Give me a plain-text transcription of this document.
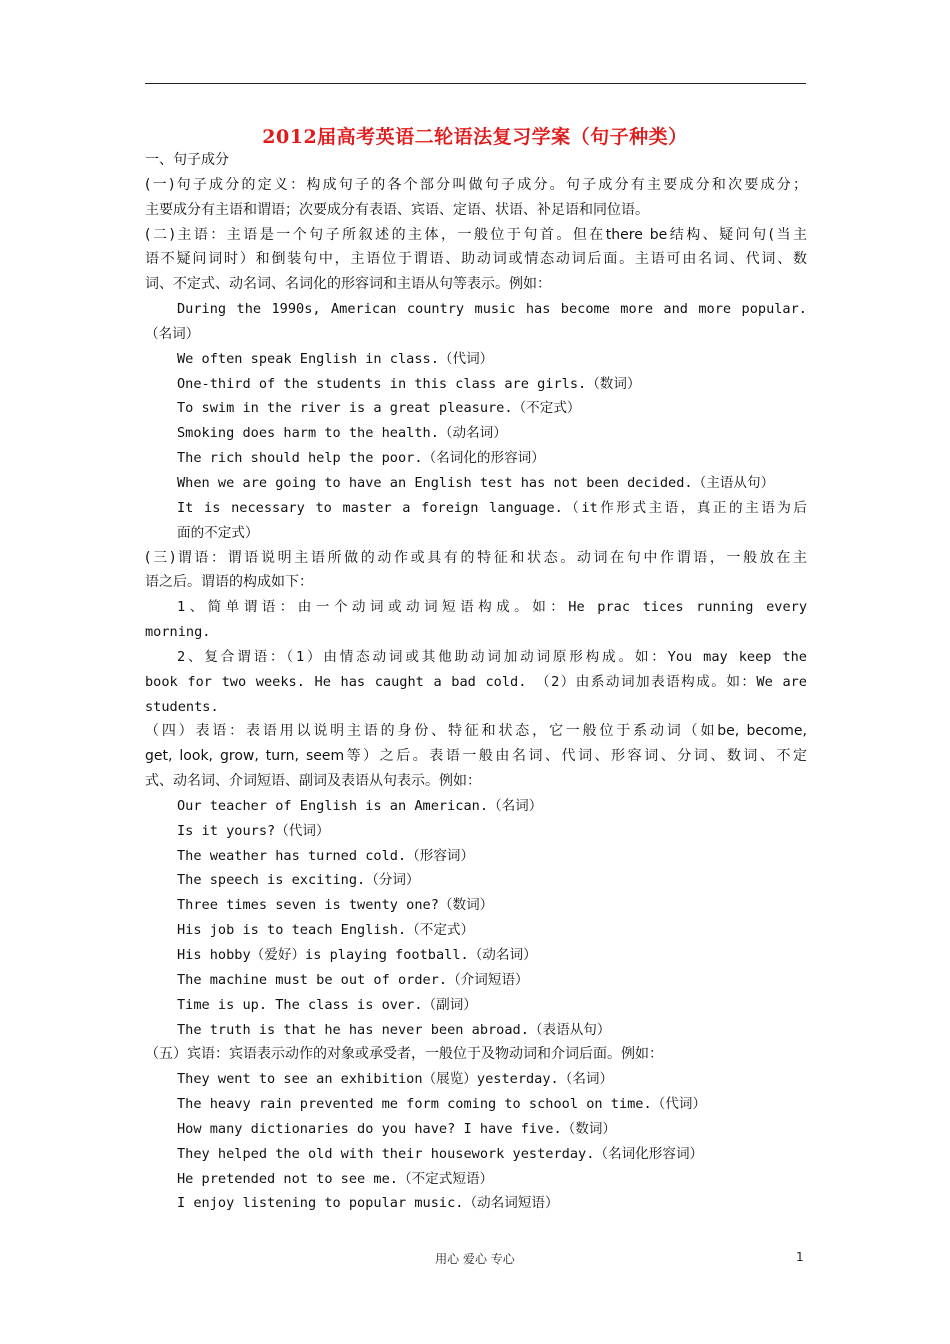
2012届高考英语二轮语法复习学案（句子种类）
一、句子成分
(一)句子成分的定义：构成句子的各个部分叫做句子成分。句子成分有主要成分和次要成分；
主要成分有主语和谓语；次要成分有表语、宾语、定语、状语、补足语和同位语。
(二)主语：主语是一个句子所叙述的主体，一般位于句首。但在there be结构、疑问句(当主
语不疑问词时）和倒装句中，主语位于谓语、助动词或情态动词后面。主语可由名词、代词、数
词、不定式、动名词、名词化的形容词和主语从句等表示。例如：
During the 1990s, American country music has become more and more popular.
（名词）
We often speak English in class.（代词）
One-third of the students in this class are girls.（数词）
To swim in the river is a great pleasure.（不定式）
Smoking does harm to the health.（动名词）
The rich should help the poor.（名词化的形容词）
When we are going to have an English test has not been decided.（主语从句）
It is necessary to master a foreign language.（it作形式主语，真正的主语为后
面的不定式）
(三)谓语：谓语说明主语所做的动作或具有的特征和状态。动词在句中作谓语，一般放在主
语之后。谓语的构成如下：
1、简单谓语：由一个动词或动词短语构成。如：He prac tices running every
morning.
2、复合谓语：（1）由情态动词或其他助动词加动词原形构成。如：You may keep the
book for two weeks. He has caught a bad cold. （2）由系动词加表语构成。如：We are
students.
（四）表语：表语用以说明主语的身份、特征和状态，它一般位于系动词（如be, become,
get, look, grow, turn, seem等）之后。表语一般由名词、代词、形容词、分词、数词、不定
式、动名词、介词短语、副词及表语从句表示。例如：
Our teacher of English is an American.（名词）
Is it yours?（代词）
The weather has turned cold.（形容词）
The speech is exciting.（分词）
Three times seven is twenty one?（数词）
His job is to teach English.（不定式）
His hobby（爱好）is playing football.（动名词）
The machine must be out of order.（介词短语）
Time is up. The class is over.（副词）
The truth is that he has never been abroad.（表语从句）
（五）宾语：宾语表示动作的对象或承受者，一般位于及物动词和介词后面。例如：
They went to see an exhibition（展览）yesterday.（名词）
The heavy rain prevented me form coming to school on time.（代词）
How many dictionaries do you have? I have five.（数词）
They helped the old with their housework yesterday.（名词化形容词）
He pretended not to see me.（不定式短语）
I enjoy listening to popular music.（动名词短语）
用心 爱心 专心	1
